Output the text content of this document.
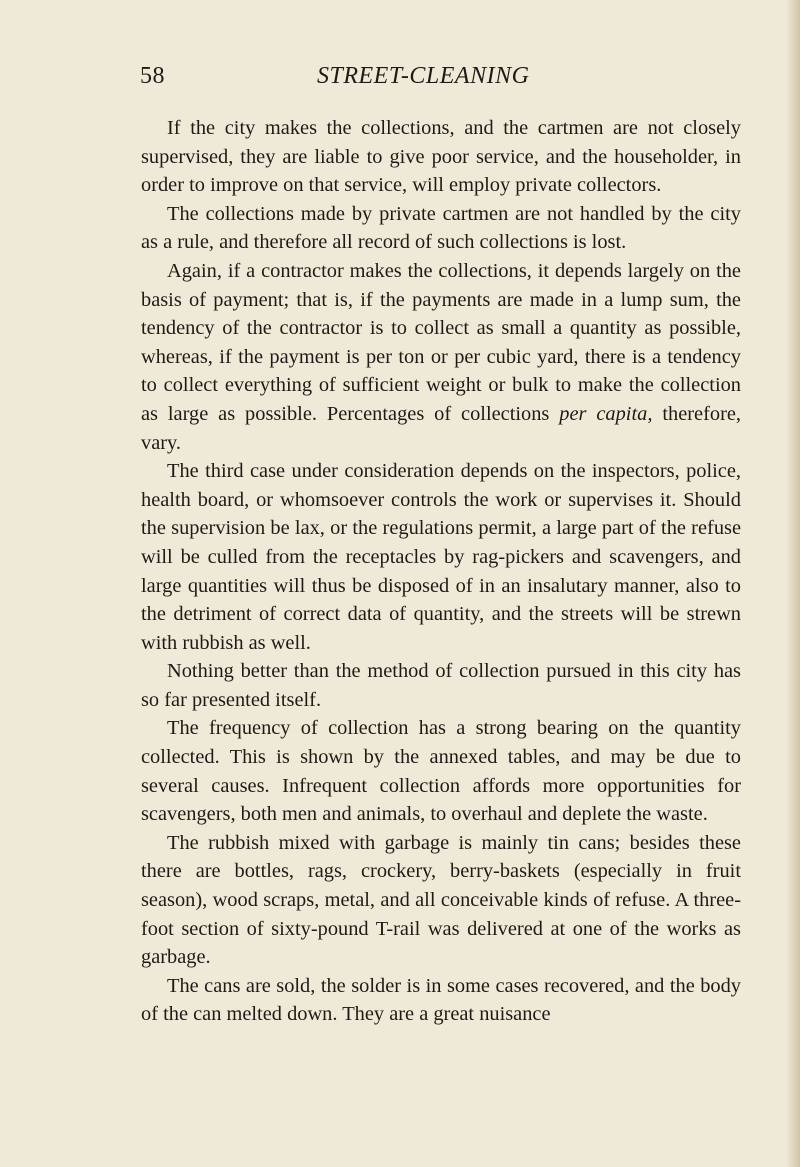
58	STREET-CLEANING

If the city makes the collections, and the cartmen are not closely supervised, they are liable to give poor service, and the householder, in order to improve on that service, will employ private collectors.

The collections made by private cartmen are not handled by the city as a rule, and therefore all record of such collections is lost.

Again, if a contractor makes the collections, it depends largely on the basis of payment; that is, if the payments are made in a lump sum, the tendency of the contractor is to collect as small a quantity as possible, whereas, if the payment is per ton or per cubic yard, there is a tendency to collect everything of sufficient weight or bulk to make the collection as large as possible. Percentages of collections per capita, therefore, vary.

The third case under consideration depends on the inspectors, police, health board, or whomsoever controls the work or supervises it. Should the supervision be lax, or the regulations permit, a large part of the refuse will be culled from the receptacles by rag-pickers and scavengers, and large quantities will thus be disposed of in an insalutary manner, also to the detriment of correct data of quantity, and the streets will be strewn with rubbish as well.

Nothing better than the method of collection pursued in this city has so far presented itself.

The frequency of collection has a strong bearing on the quantity collected. This is shown by the annexed tables, and may be due to several causes. Infrequent collection affords more opportunities for scavengers, both men and animals, to overhaul and deplete the waste.

The rubbish mixed with garbage is mainly tin cans; besides these there are bottles, rags, crockery, berry-baskets (especially in fruit season), wood scraps, metal, and all conceivable kinds of refuse. A three-foot section of sixty-pound T-rail was delivered at one of the works as garbage.

The cans are sold, the solder is in some cases recovered, and the body of the can melted down. They are a great nuisance
